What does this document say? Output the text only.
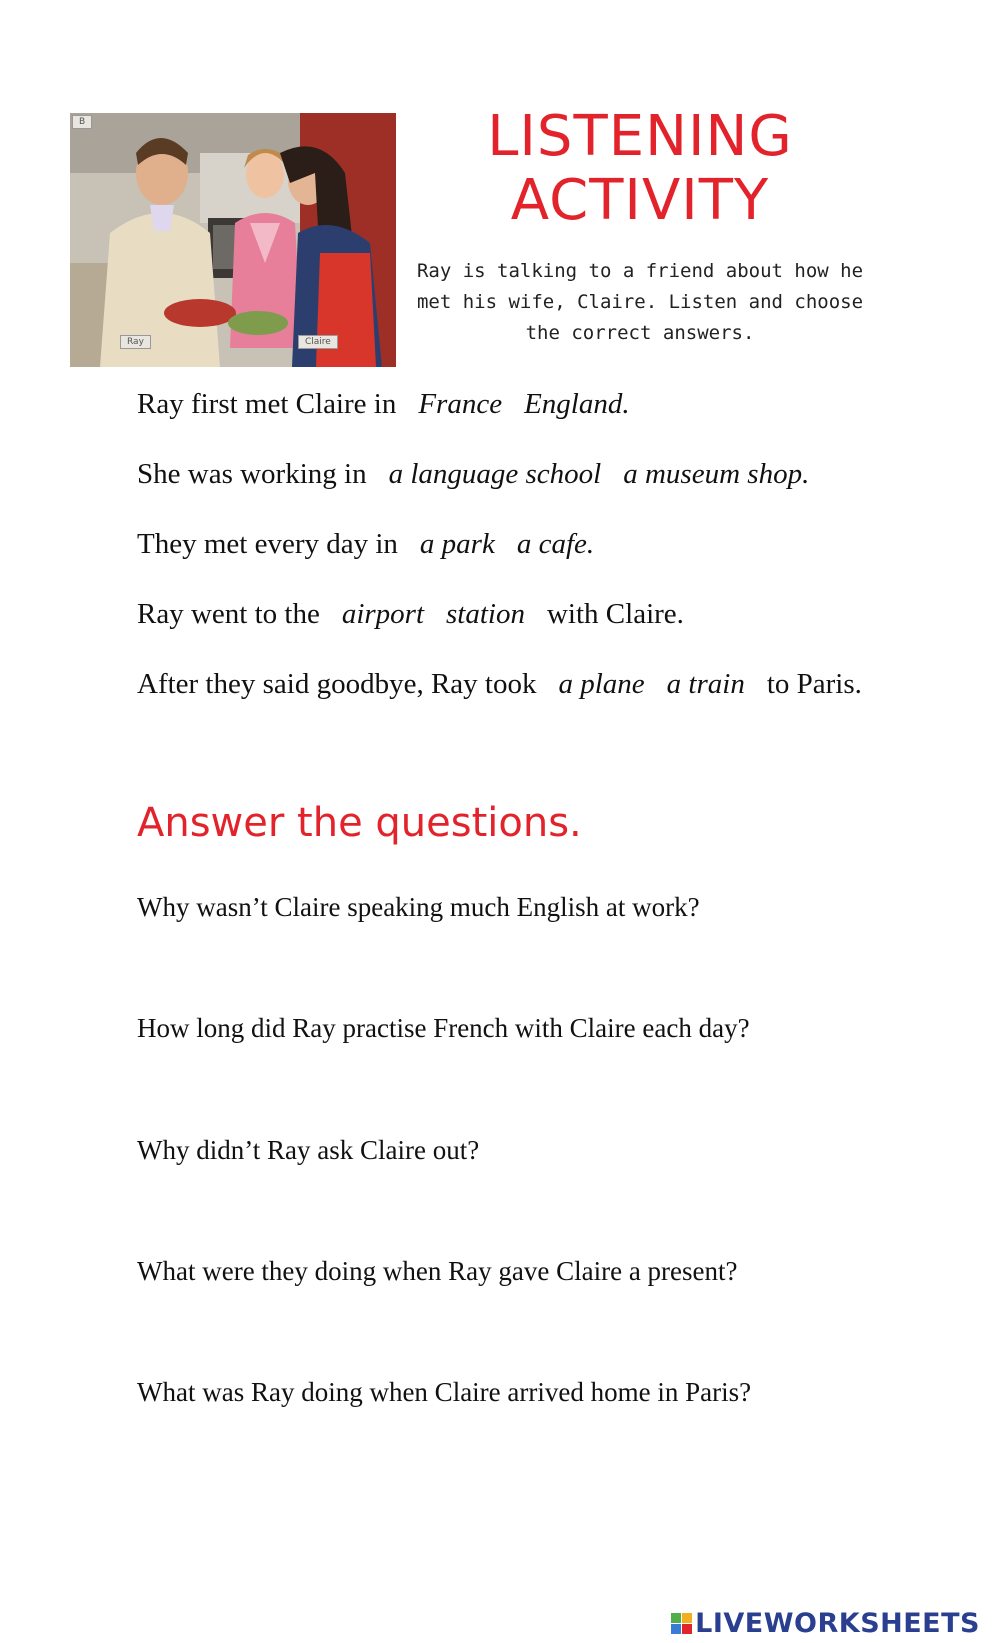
B
Ray	Claire
LISTENING
ACTIVITY
Ray is talking to a friend about how he
met his wife, Claire. Listen and choose
the correct answers.
Ray first met Claire in France England.
She was working in a language school a museum shop.
They met every day in a park a cafe.
Ray went to the airport station with Claire.
After they said goodbye, Ray took a plane a train to Paris.
Answer the questions.
Why wasn’t Claire speaking much English at work?
How long did Ray practise French with Claire each day?
Why didn’t Ray ask Claire out?
What were they doing when Ray gave Claire a present?
What was Ray doing when Claire arrived home in Paris?
LIVEWORKSHEETS
